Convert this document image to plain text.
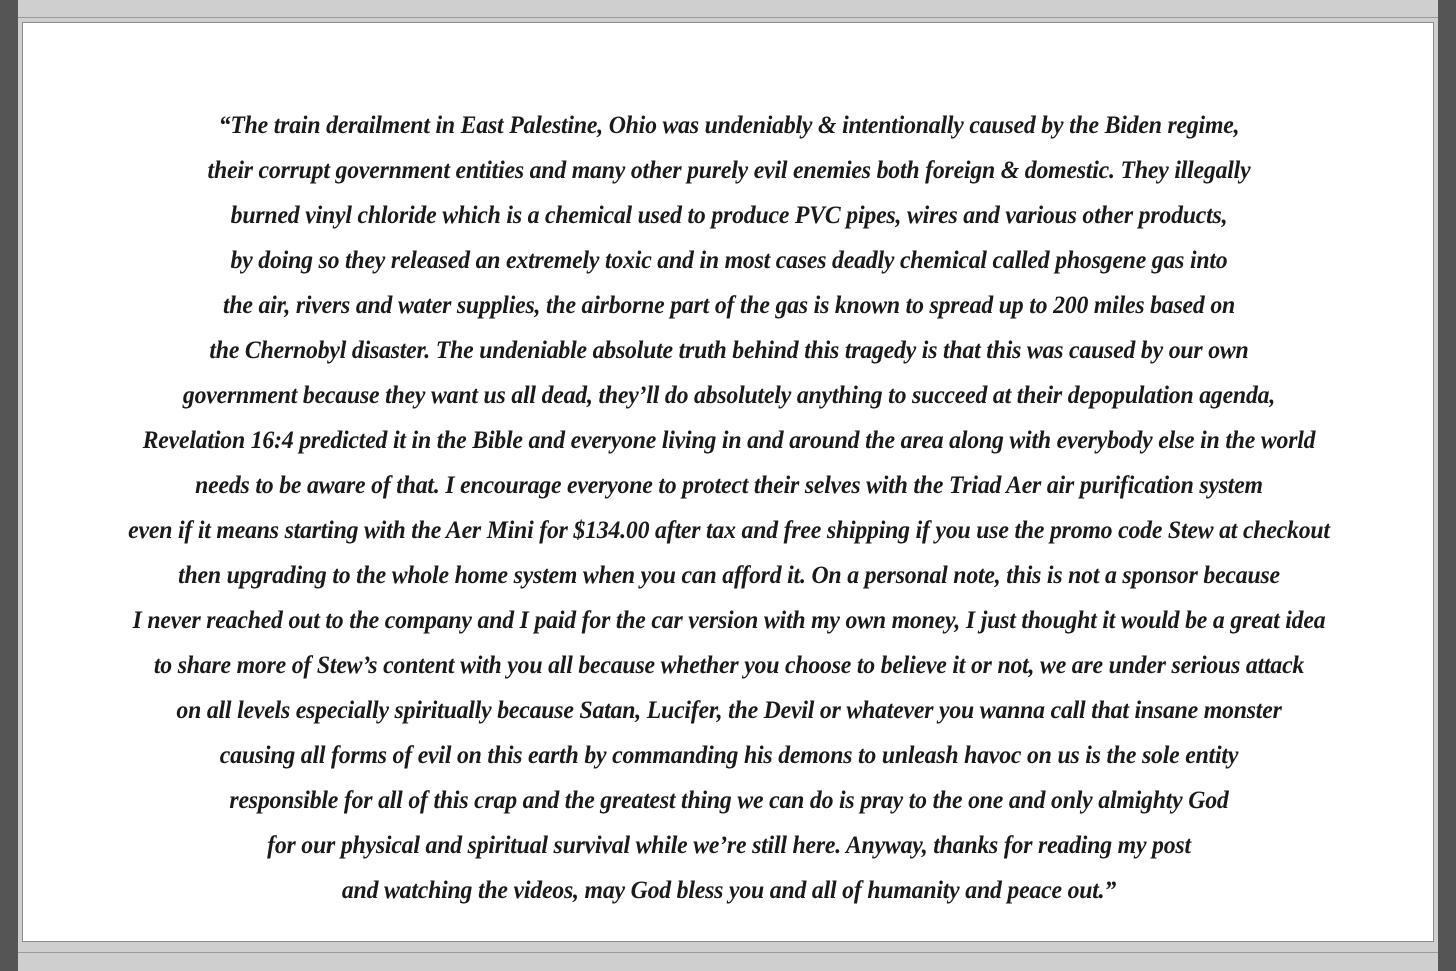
“The train derailment in East Palestine, Ohio was undeniably & intentionally caused by the Biden regime,
their corrupt government entities and many other purely evil enemies both foreign & domestic. They illegally
burned vinyl chloride which is a chemical used to produce PVC pipes, wires and various other products,
by doing so they released an extremely toxic and in most cases deadly chemical called phosgene gas into
the air, rivers and water supplies, the airborne part of the gas is known to spread up to 200 miles based on
the Chernobyl disaster. The undeniable absolute truth behind this tragedy is that this was caused by our own
government because they want us all dead, they’ll do absolutely anything to succeed at their depopulation agenda,
Revelation 16:4 predicted it in the Bible and everyone living in and around the area along with everybody else in the world
needs to be aware of that. I encourage everyone to protect their selves with the Triad Aer air purification system
even if it means starting with the Aer Mini for $134.00 after tax and free shipping if you use the promo code Stew at checkout
then upgrading to the whole home system when you can afford it. On a personal note, this is not a sponsor because
I never reached out to the company and I paid for the car version with my own money, I just thought it would be a great idea
to share more of Stew’s content with you all because whether you choose to believe it or not, we are under serious attack
on all levels especially spiritually because Satan, Lucifer, the Devil or whatever you wanna call that insane monster
causing all forms of evil on this earth by commanding his demons to unleash havoc on us is the sole entity
responsible for all of this crap and the greatest thing we can do is pray to the one and only almighty God
for our physical and spiritual survival while we’re still here. Anyway, thanks for reading my post
and watching the videos, may God bless you and all of humanity and peace out.”
